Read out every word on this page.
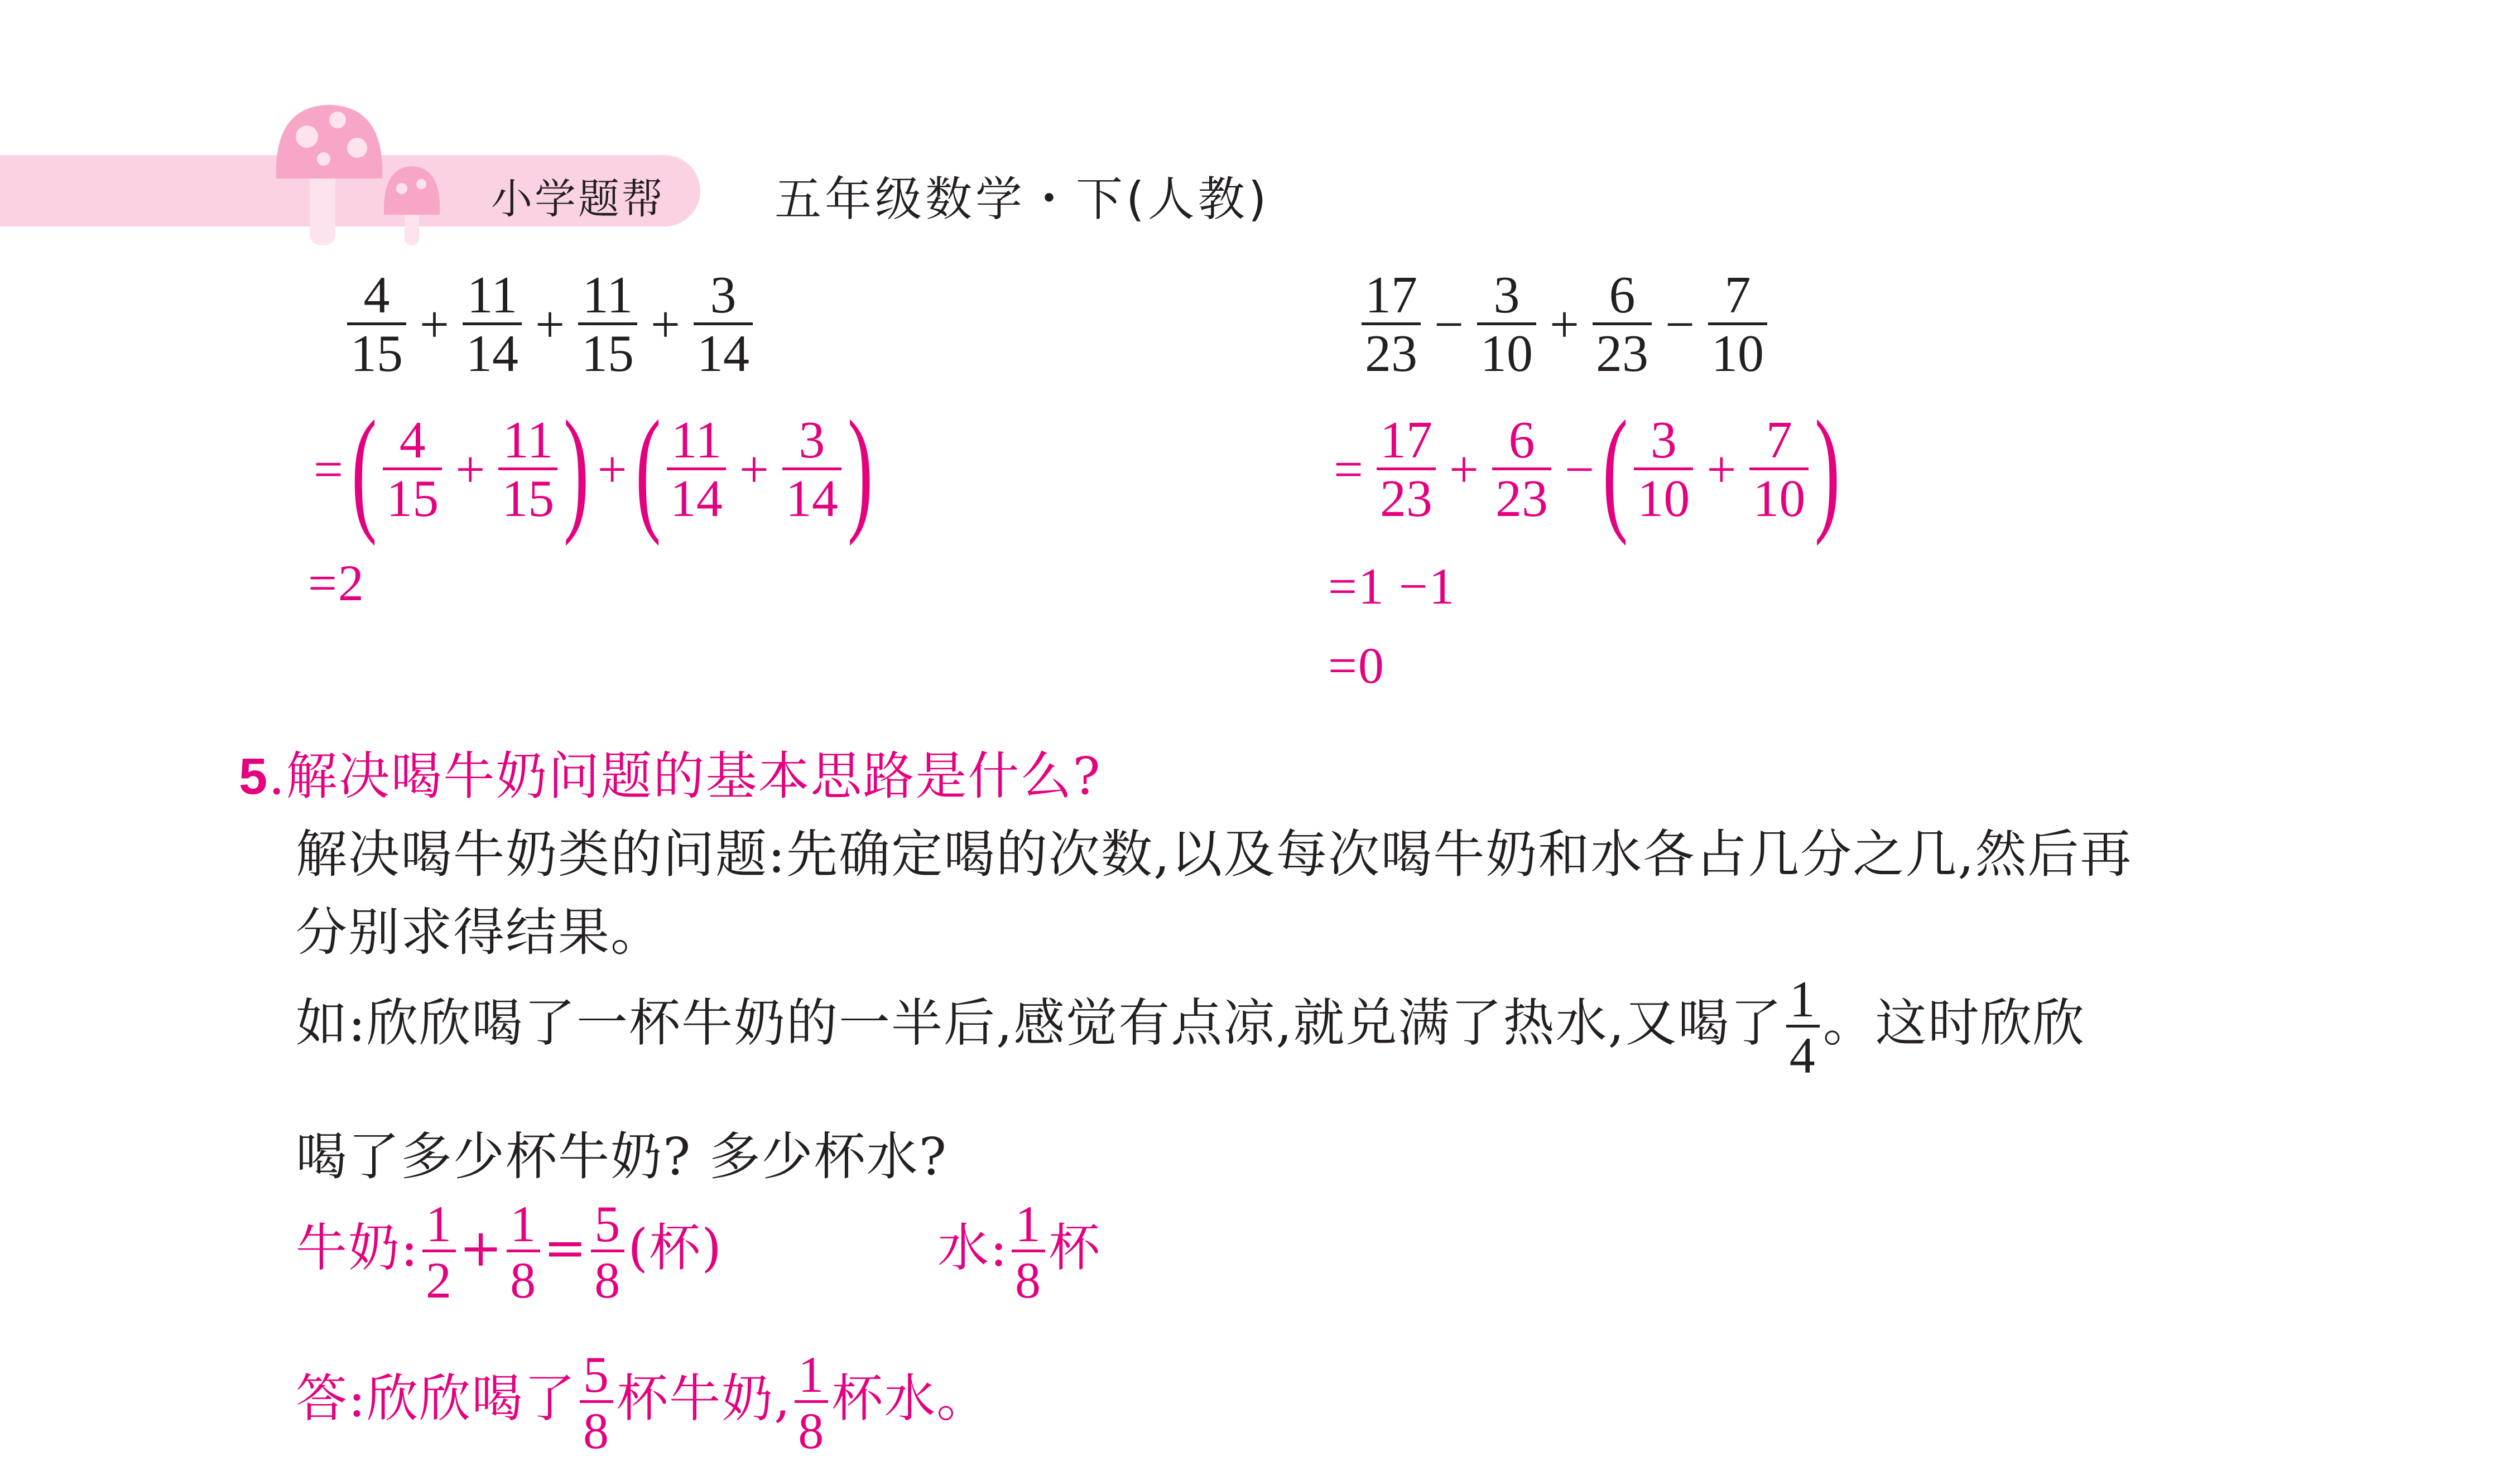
小学题帮 五年级数学・下(人教)
$\frac{4}{15} + \frac{11}{14} + \frac{11}{15} + \frac{3}{14}$
= ( $\frac{4}{15} + \frac{11}{15}$ ) + ( $\frac{11}{14} + \frac{3}{14}$ )
=2
$\frac{17}{23} - \frac{3}{10} + \frac{6}{23} - \frac{7}{10}$
= $\frac{17}{23} + \frac{6}{23}$ − ( $\frac{3}{10} + \frac{7}{10}$ )
=1 −1
=0
5.解决喝牛奶问题的基本思路是什么?
解决喝牛奶类的问题:先确定喝的次数,以及每次喝牛奶和水各占几分之几,然后再
分别求得结果。
如:欣欣喝了一杯牛奶的一半后,感觉有点凉,就兑满了热水,又喝了 $\frac{1}{4}$ 。这时欣欣
喝了多少杯牛奶? 多少杯水?
牛奶: $\frac{1}{2} + \frac{1}{8} = \frac{5}{8}$ (杯)	水: $\frac{1}{8}$ 杯
答:欣欣喝了 $\frac{5}{8}$ 杯牛奶, $\frac{1}{8}$ 杯水。
